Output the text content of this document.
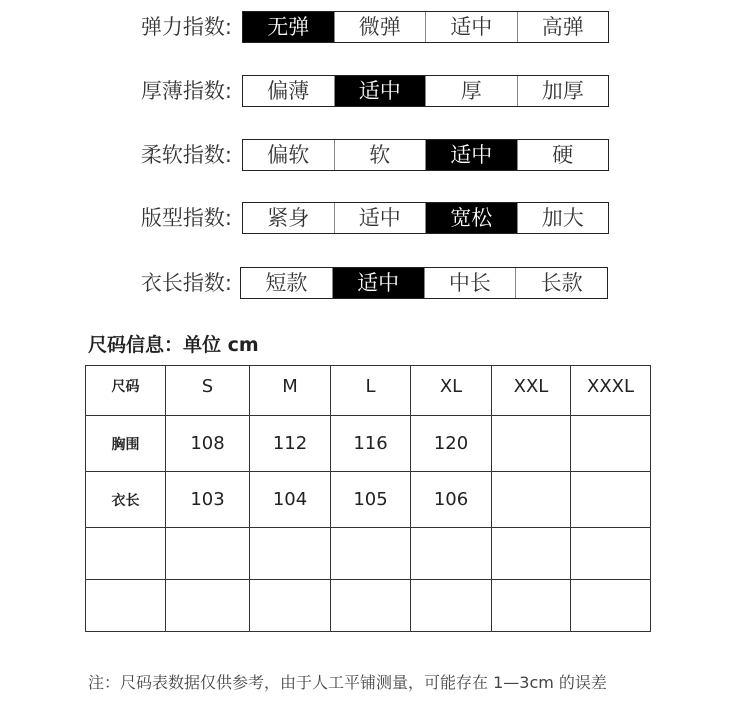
弹力指数:	无弹	微弹	适中	高弹
厚薄指数:	偏薄	适中	厚	加厚
柔软指数:	偏软	软	适中	硬
版型指数:	紧身	适中	宽松	加大
衣长指数:	短款	适中	中长	长款
尺码信息：单位 cm
尺码	S	M	L	XL	XXL	XXXL
胸围	108	112	116	120		
衣长	103	104	105	106		

注：尺码表数据仅供参考，由于人工平铺测量，可能存在 1—3cm 的误差
